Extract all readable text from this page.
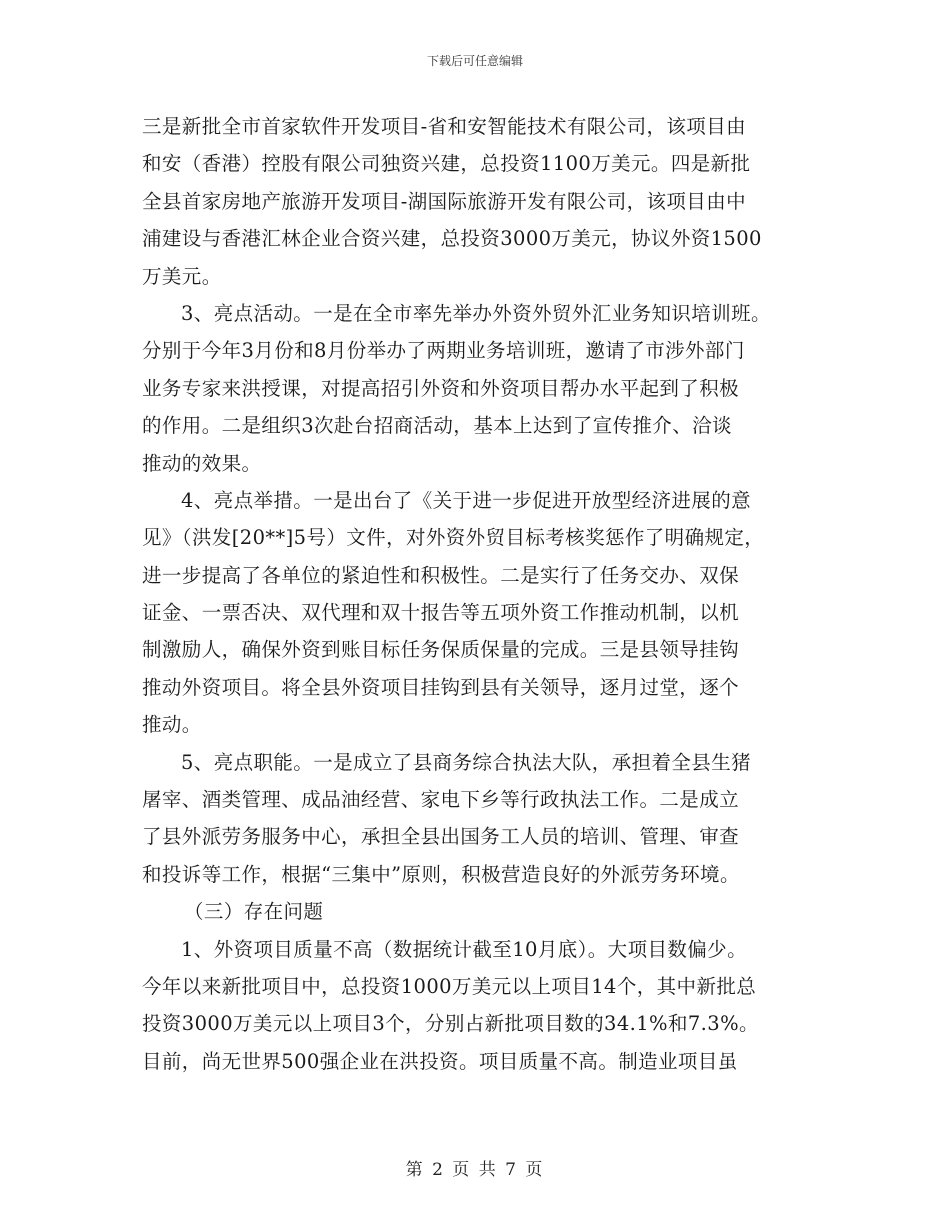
下载后可任意编辑
三是新批全市首家软件开发项目-省和安智能技术有限公司，该项目由
和安（香港）控股有限公司独资兴建，总投资1100万美元。四是新批
全县首家房地产旅游开发项目-湖国际旅游开发有限公司，该项目由中
浦建设与香港汇林企业合资兴建，总投资3000万美元，协议外资1500
万美元。
3、亮点活动。一是在全市率先举办外资外贸外汇业务知识培训班。
分别于今年3月份和8月份举办了两期业务培训班，邀请了市涉外部门
业务专家来洪授课，对提高招引外资和外资项目帮办水平起到了积极
的作用。二是组织3次赴台招商活动，基本上达到了宣传推介、洽谈
推动的效果。
4、亮点举措。一是出台了《关于进一步促进开放型经济进展的意
见》（洪发[20**]5号）文件，对外资外贸目标考核奖惩作了明确规定，
进一步提高了各单位的紧迫性和积极性。二是实行了任务交办、双保
证金、一票否决、双代理和双十报告等五项外资工作推动机制，以机
制激励人，确保外资到账目标任务保质保量的完成。三是县领导挂钩
推动外资项目。将全县外资项目挂钩到县有关领导，逐月过堂，逐个
推动。
5、亮点职能。一是成立了县商务综合执法大队，承担着全县生猪
屠宰、酒类管理、成品油经营、家电下乡等行政执法工作。二是成立
了县外派劳务服务中心，承担全县出国务工人员的培训、管理、审查
和投诉等工作，根据“三集中”原则，积极营造良好的外派劳务环境。
（三）存在问题
1、外资项目质量不高（数据统计截至10月底）。大项目数偏少。
今年以来新批项目中，总投资1000万美元以上项目14个，其中新批总
投资3000万美元以上项目3个，分别占新批项目数的34.1%和7.3%。
目前，尚无世界500强企业在洪投资。项目质量不高。制造业项目虽
第 2 页 共 7 页
